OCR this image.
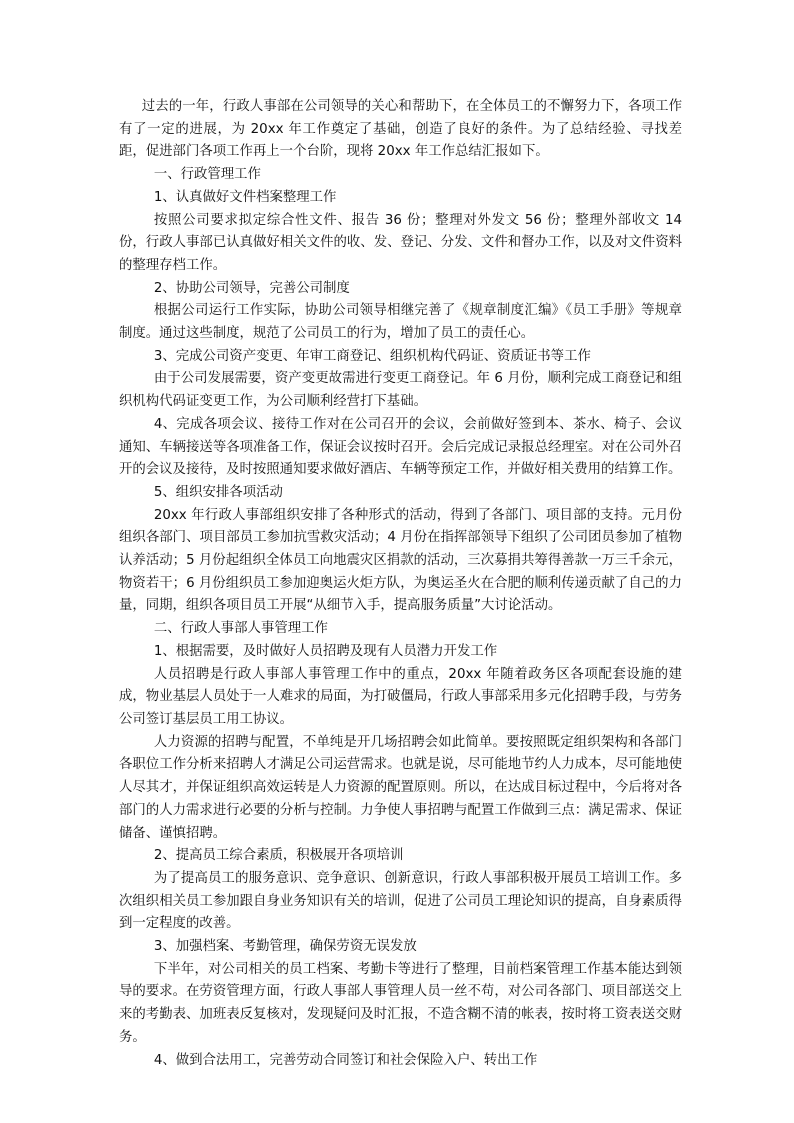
过去的一年，行政人事部在公司领导的关心和帮助下，在全体员工的不懈努力下，各项工作有了一定的进展，为 20xx 年工作奠定了基础，创造了良好的条件。为了总结经验、寻找差距，促进部门各项工作再上一个台阶，现将 20xx 年工作总结汇报如下。

一、行政管理工作

1、认真做好文件档案整理工作

按照公司要求拟定综合性文件、报告 36 份；整理对外发文 56 份；整理外部收文 14 份，行政人事部已认真做好相关文件的收、发、登记、分发、文件和督办工作，以及对文件资料的整理存档工作。

2、协助公司领导，完善公司制度

根据公司运行工作实际，协助公司领导相继完善了《规章制度汇编》《员工手册》等规章制度。通过这些制度，规范了公司员工的行为，增加了员工的责任心。

3、完成公司资产变更、年审工商登记、组织机构代码证、资质证书等工作

由于公司发展需要，资产变更故需进行变更工商登记。年 6 月份，顺利完成工商登记和组织机构代码证变更工作，为公司顺利经营打下基础。

4、完成各项会议、接待工作对在公司召开的会议，会前做好签到本、茶水、椅子、会议通知、车辆接送等各项准备工作，保证会议按时召开。会后完成记录报总经理室。对在公司外召开的会议及接待，及时按照通知要求做好酒店、车辆等预定工作，并做好相关费用的结算工作。

5、组织安排各项活动

20xx 年行政人事部组织安排了各种形式的活动，得到了各部门、项目部的支持。元月份组织各部门、项目部员工参加抗雪救灾活动；4 月份在指挥部领导下组织了公司团员参加了植物认养活动；5 月份起组织全体员工向地震灾区捐款的活动，三次募捐共筹得善款一万三千余元，物资若干；6 月份组织员工参加迎奥运火炬方队，为奥运圣火在合肥的顺利传递贡献了自己的力量，同期，组织各项目员工开展“从细节入手，提高服务质量”大讨论活动。

二、行政人事部人事管理工作

1、根据需要，及时做好人员招聘及现有人员潜力开发工作

人员招聘是行政人事部人事管理工作中的重点，20xx 年随着政务区各项配套设施的建成，物业基层人员处于一人难求的局面，为打破僵局，行政人事部采用多元化招聘手段，与劳务公司签订基层员工用工协议。

人力资源的招聘与配置，不单纯是开几场招聘会如此简单。要按照既定组织架构和各部门各职位工作分析来招聘人才满足公司运营需求。也就是说，尽可能地节约人力成本，尽可能地使人尽其才，并保证组织高效运转是人力资源的配置原则。所以，在达成目标过程中，今后将对各部门的人力需求进行必要的分析与控制。力争使人事招聘与配置工作做到三点：满足需求、保证储备、谨慎招聘。

2、提高员工综合素质，积极展开各项培训

为了提高员工的服务意识、竞争意识、创新意识，行政人事部积极开展员工培训工作。多次组织相关员工参加跟自身业务知识有关的培训，促进了公司员工理论知识的提高，自身素质得到一定程度的改善。

3、加强档案、考勤管理，确保劳资无误发放

下半年，对公司相关的员工档案、考勤卡等进行了整理，目前档案管理工作基本能达到领导的要求。在劳资管理方面，行政人事部人事管理人员一丝不苟，对公司各部门、项目部送交上来的考勤表、加班表反复核对，发现疑问及时汇报，不造含糊不清的帐表，按时将工资表送交财务。

4、做到合法用工，完善劳动合同签订和社会保险入户、转出工作
